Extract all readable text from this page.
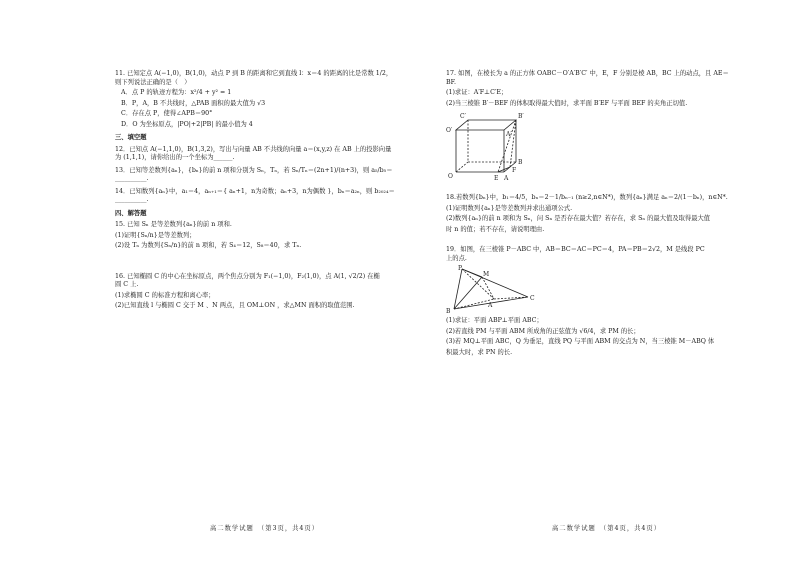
11. 已知定点 A(−1,0)，B(1,0)，动点 P 到 B 的距离和它到直线 l：x＝4 的距离的比是常数 1/2，
则下列说法正确的是（　）
A．点 P 的轨迹方程为：x²/4 + y² = 1
B．P，A，B 不共线时，△PAB 面积的最大值为 √3
C．存在点 P，使得∠APB＝90°
D．O 为坐标原点，|PO|+2|PB| 的最小值为 4
三、填空题
12．已知点 A(−1,1,0)，B(1,3,2)，写出与向量 AB 不共线的向量 a＝(x,y,z) 在 AB 上的投影向量为 (1,1,1)，请你给出的一个坐标为______.
13．已知等差数列{aₙ}，{bₙ}的前 n 项和分别为 Sₙ，Tₙ，若 Sₙ/Tₙ＝(2n+1)/(n+3)，则 a₅/b₅＝__________.
14．已知数列{aₙ}中，a₁＝4，aₙ₊₁＝{ aₙ+1，n为奇数；aₙ+3，n为偶数 }，bₙ＝a₂ₙ，则 b₂₀₂₄＝__________.
四、解答题
15. 已知 Sₙ 是等差数列{aₙ}的前 n 项和.
(1)证明{Sₙ/n}是等差数列；
(2)设 Tₙ 为数列{Sₙ/n}的前 n 项和，若 S₄＝12，S₈＝40，求 Tₙ.
16. 已知椭圆 C 的中心在坐标原点，两个焦点分别为 F₁(−1,0)，F₂(1,0)，点 A(1, √2/2) 在椭
圆 C 上.
(1)求椭圆 C 的标准方程和离心率；
(2)已知直线 l 与椭圆 C 交于 M 、N 两点，且 OM⊥ON ，求△MN 面积的取值范围.
高二数学试题　（第3页，共4页）
17. 如图，在棱长为 a 的正方体 OABC－O′A′B′C′ 中，E，F 分别是棱 AB，BC 上的动点，且 AE＝
BF.
(1)求证：A′F⊥C′E；
(2)当三棱锥 B′－BEF 的体积取得最大值时，求平面 B′EF 与平面 BEF 的夹角正切值.
C′	B′
O′
A′
O	E
F
B
A
18.若数列{bₙ}中，b₁＝4/5，bₙ＝2－1/bₙ₋₁ (n≥2,n∈N*)，数列{aₙ}满足 aₙ＝2/(1－bₙ)，n∈N*.
(1)证明数列{aₙ}是等差数列并求出通项公式.
(2)数列{aₙ}的前 n 项和为 Sₙ，问 Sₙ 是否存在最大值？若存在，求 Sₙ 的最大值及取得最大值
时 n 的值；若不存在，请说明理由.
19．如图，在三棱锥 P－ABC 中，AB＝BC＝AC＝PC＝4，PA＝PB＝2√2，M 是线段 PC
上的点.
P
M
A
B
C
(1)求证：平面 ABP⊥平面 ABC；
(2)若直线 PM 与平面 ABM 所成角的正弦值为 √6/4，求 PM 的长；
(3)若 MQ⊥平面 ABC，Q 为垂足，直线 PQ 与平面 ABM 的交点为 N，当三棱锥 M－ABQ 体
积最大时，求 PN 的长.
高二数学试题　（第4页，共4页）
